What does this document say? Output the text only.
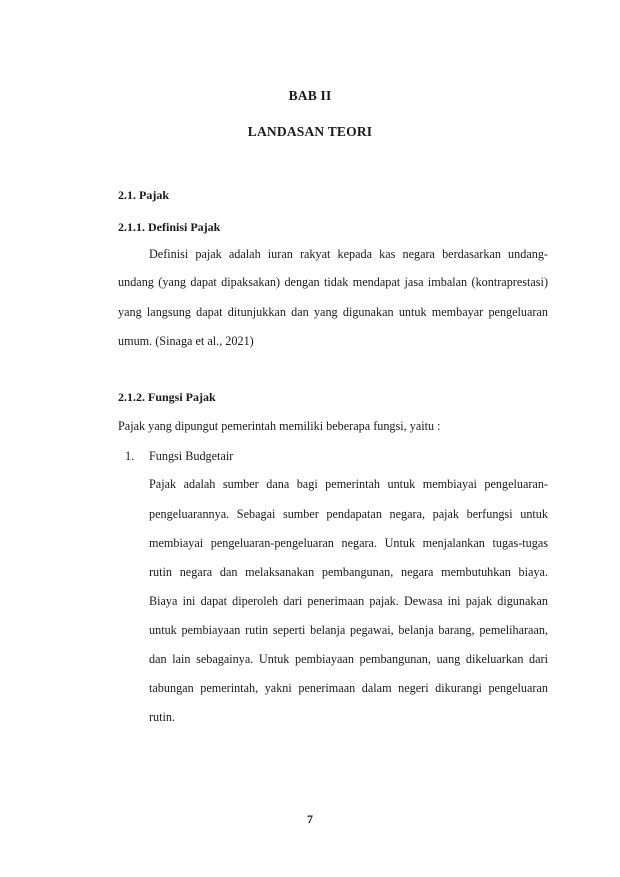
BAB II
LANDASAN TEORI
2.1. Pajak
2.1.1. Definisi Pajak
Definisi pajak adalah iuran rakyat kepada kas negara berdasarkan undang-
undang (yang dapat dipaksakan) dengan tidak mendapat jasa imbalan (kontraprestasi)
yang langsung dapat ditunjukkan dan yang digunakan untuk membayar pengeluaran
umum. (Sinaga et al., 2021)
2.1.2. Fungsi Pajak
Pajak yang dipungut pemerintah memiliki beberapa fungsi, yaitu :
1. Fungsi Budgetair
Pajak adalah sumber dana bagi pemerintah untuk membiayai pengeluaran-
pengeluarannya. Sebagai sumber pendapatan negara, pajak berfungsi untuk
membiayai pengeluaran-pengeluaran negara. Untuk menjalankan tugas-tugas
rutin negara dan melaksanakan pembangunan, negara membutuhkan biaya.
Biaya ini dapat diperoleh dari penerimaan pajak. Dewasa ini pajak digunakan
untuk pembiayaan rutin seperti belanja pegawai, belanja barang, pemeliharaan,
dan lain sebagainya. Untuk pembiayaan pembangunan, uang dikeluarkan dari
tabungan pemerintah, yakni penerimaan dalam negeri dikurangi pengeluaran
rutin.
7
